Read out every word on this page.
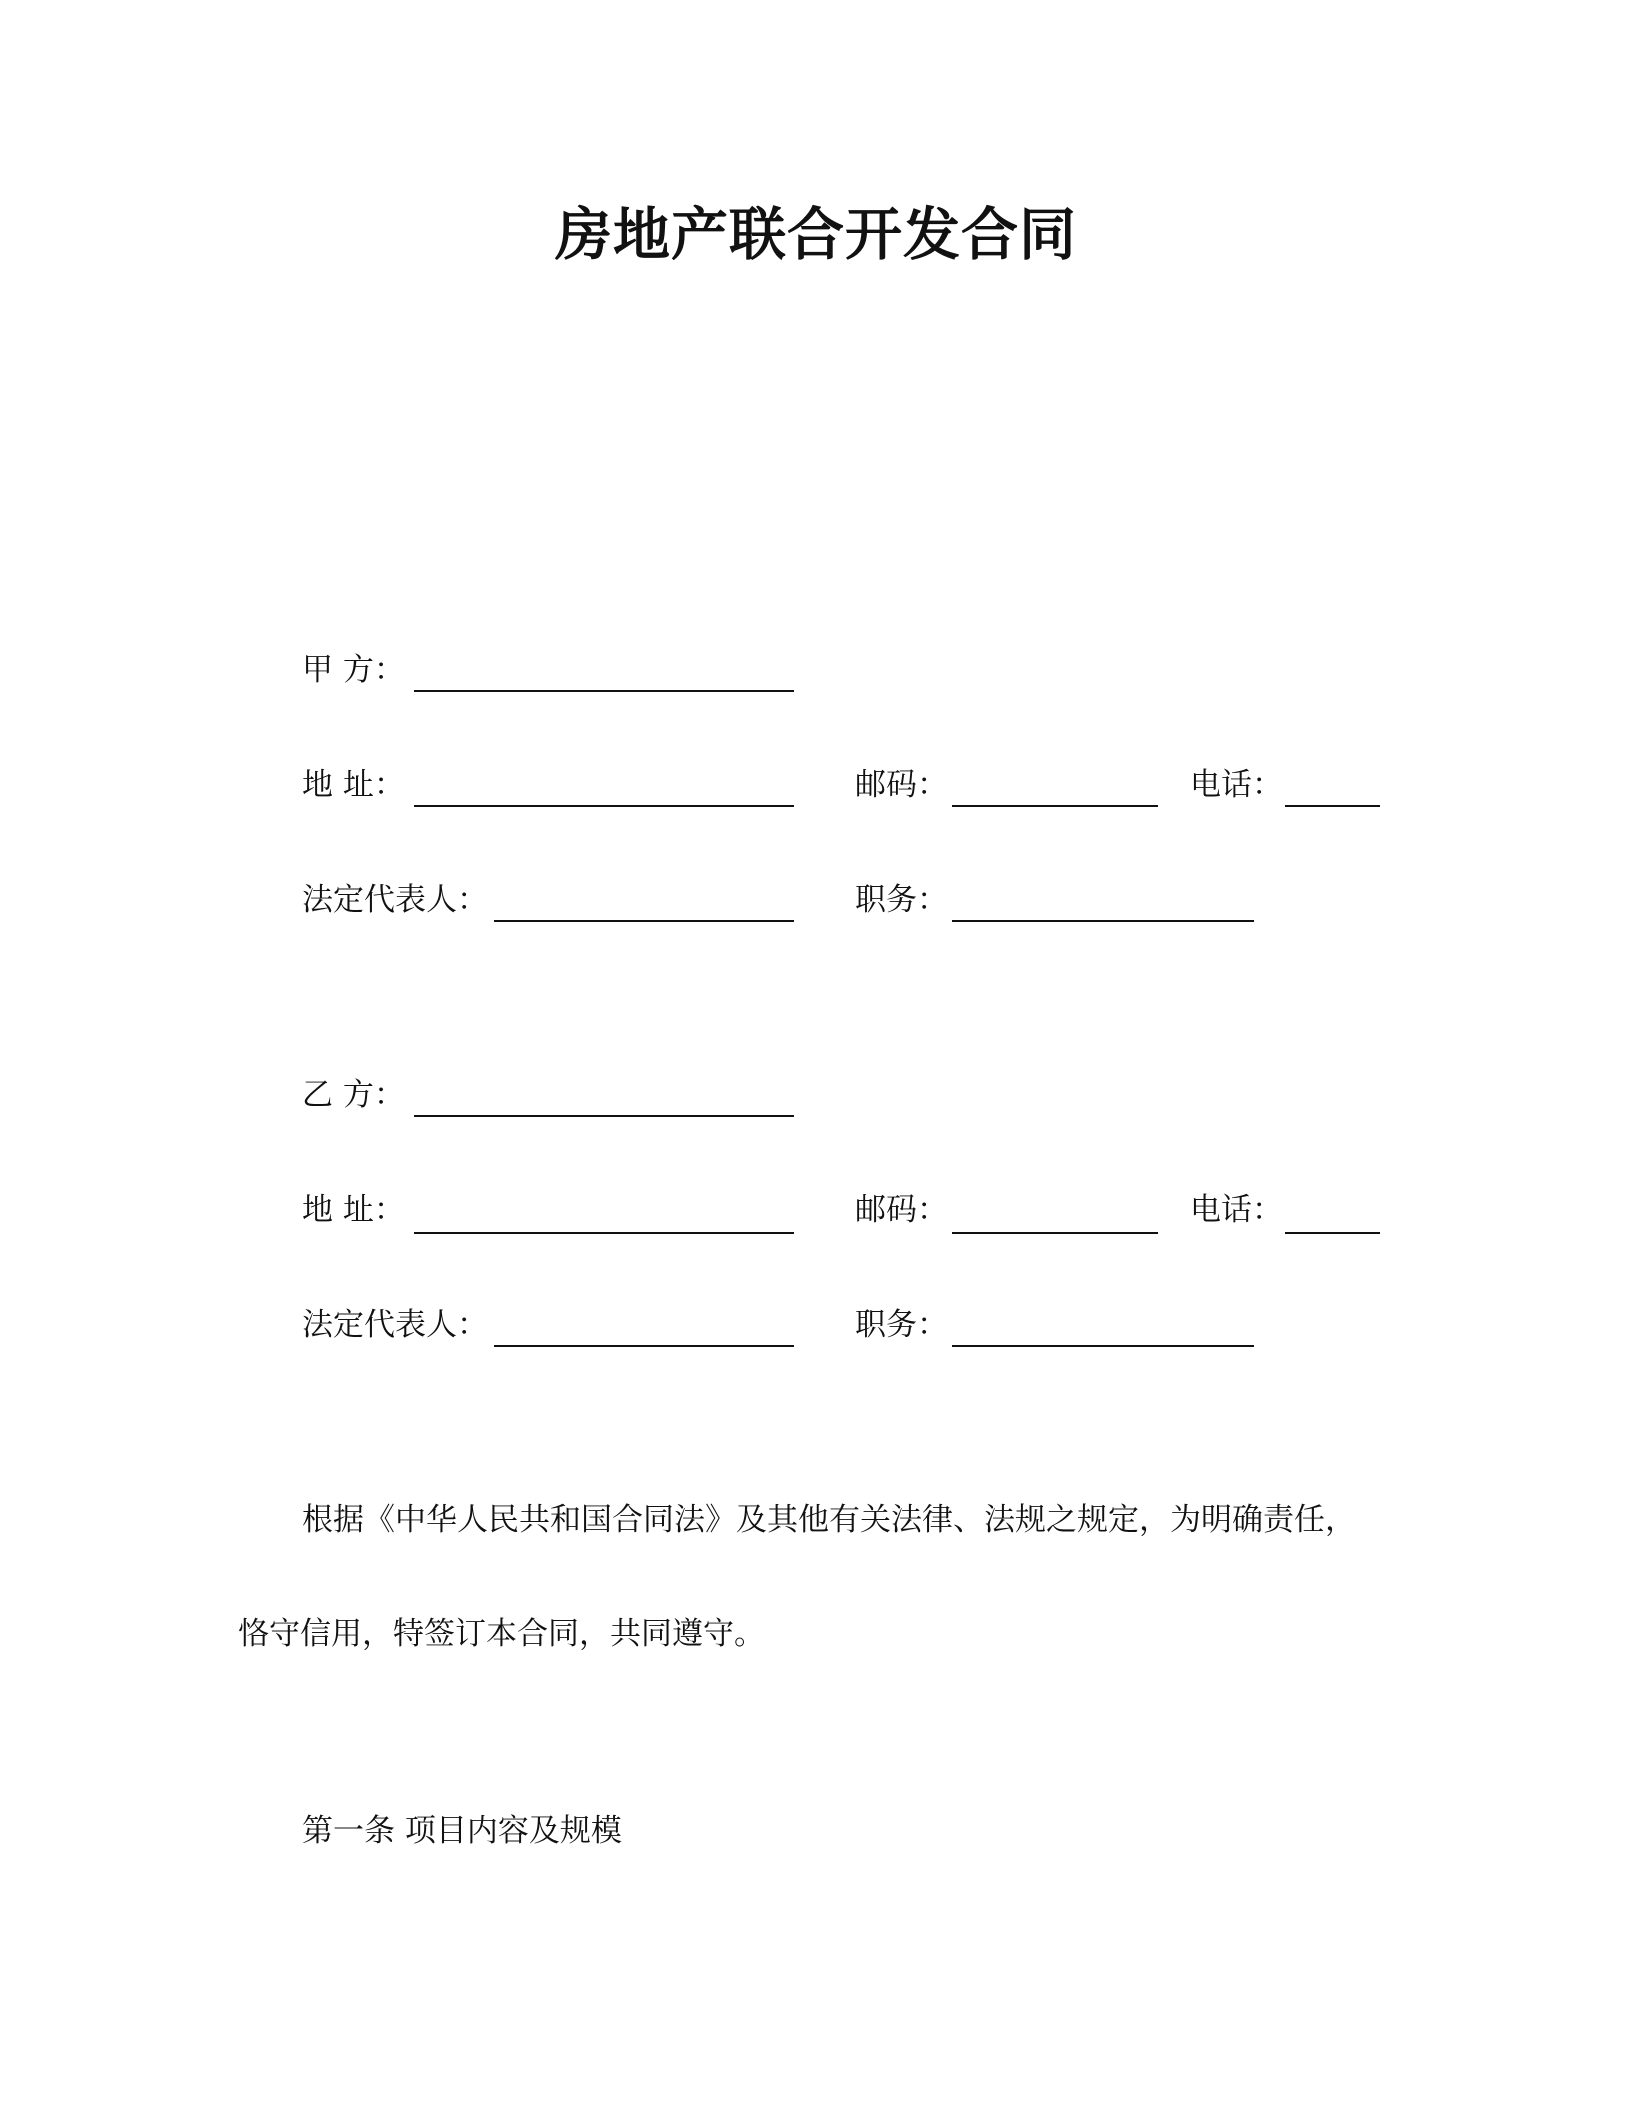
房地产联合开发合同
甲 方：
地 址：	邮码：	电话：
法定代表人：	职务：
乙 方：
地 址：	邮码：	电话：
法定代表人：	职务：
根据《中华人民共和国合同法》及其他有关法律、法规之规定，为明确责任，
恪守信用，特签订本合同，共同遵守。
第一条 项目内容及规模
